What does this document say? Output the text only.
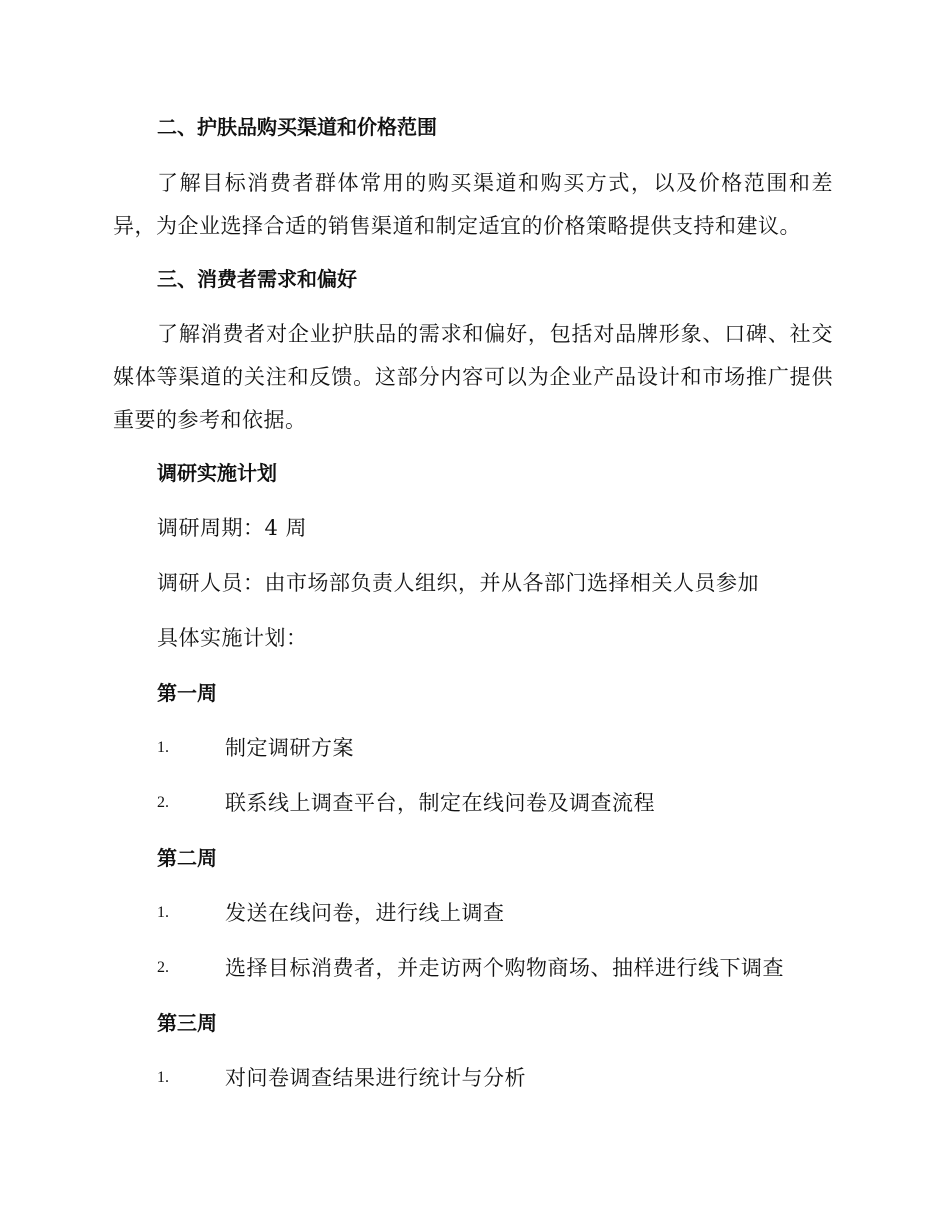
二、护肤品购买渠道和价格范围

了解目标消费者群体常用的购买渠道和购买方式，以及价格范围和差异，为企业选择合适的销售渠道和制定适宜的价格策略提供支持和建议。

三、消费者需求和偏好

了解消费者对企业护肤品的需求和偏好，包括对品牌形象、口碑、社交媒体等渠道的关注和反馈。这部分内容可以为企业产品设计和市场推广提供重要的参考和依据。

调研实施计划

调研周期：4 周

调研人员：由市场部负责人组织，并从各部门选择相关人员参加

具体实施计划：

第一周

1.	制定调研方案
2.	联系线上调查平台，制定在线问卷及调查流程

第二周

1.	发送在线问卷，进行线上调查
2.	选择目标消费者，并走访两个购物商场、抽样进行线下调查

第三周

1.	对问卷调查结果进行统计与分析
